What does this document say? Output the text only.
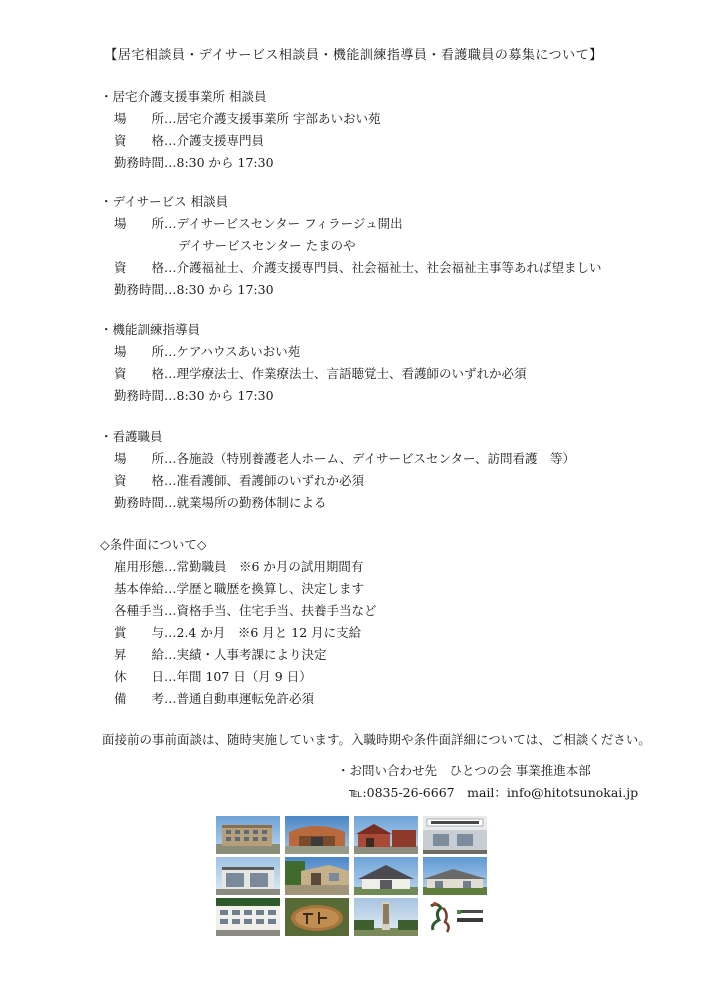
【居宅相談員・デイサービス相談員・機能訓練指導員・看護職員の募集について】
・居宅介護支援事業所 相談員
場　　所…居宅介護支援事業所 宇部あいおい苑
資　　格…介護支援専門員
勤務時間…8:30 から 17:30
・デイサービス 相談員
場　　所…デイサービスセンター フィラージュ開出
デイサービスセンター たまのや
資　　格…介護福祉士、介護支援専門員、社会福祉士、社会福祉主事等あれば望ましい
勤務時間…8:30 から 17:30
・機能訓練指導員
場　　所…ケアハウスあいおい苑
資　　格…理学療法士、作業療法士、言語聴覚士、看護師のいずれか必須
勤務時間…8:30 から 17:30
・看護職員
場　　所…各施設（特別養護老人ホーム、デイサービスセンター、訪問看護　等）
資　　格…准看護師、看護師のいずれか必須
勤務時間…就業場所の勤務体制による
◇条件面について◇
雇用形態…常勤職員　※6 か月の試用期間有
基本俸給…学歴と職歴を換算し、決定します
各種手当…資格手当、住宅手当、扶養手当など
賞　　与…2.4 か月　※6 月と 12 月に支給
昇　　給…実績・人事考課により決定
休　　日…年間 107 日（月 9 日）
備　　考…普通自動車運転免許必須
面接前の事前面談は、随時実施しています。入職時期や条件面詳細については、ご相談ください。
・お問い合わせ先　ひとつの会 事業推進本部
℡:0835-26-6667　mail：info@hitotsunokai.jp
